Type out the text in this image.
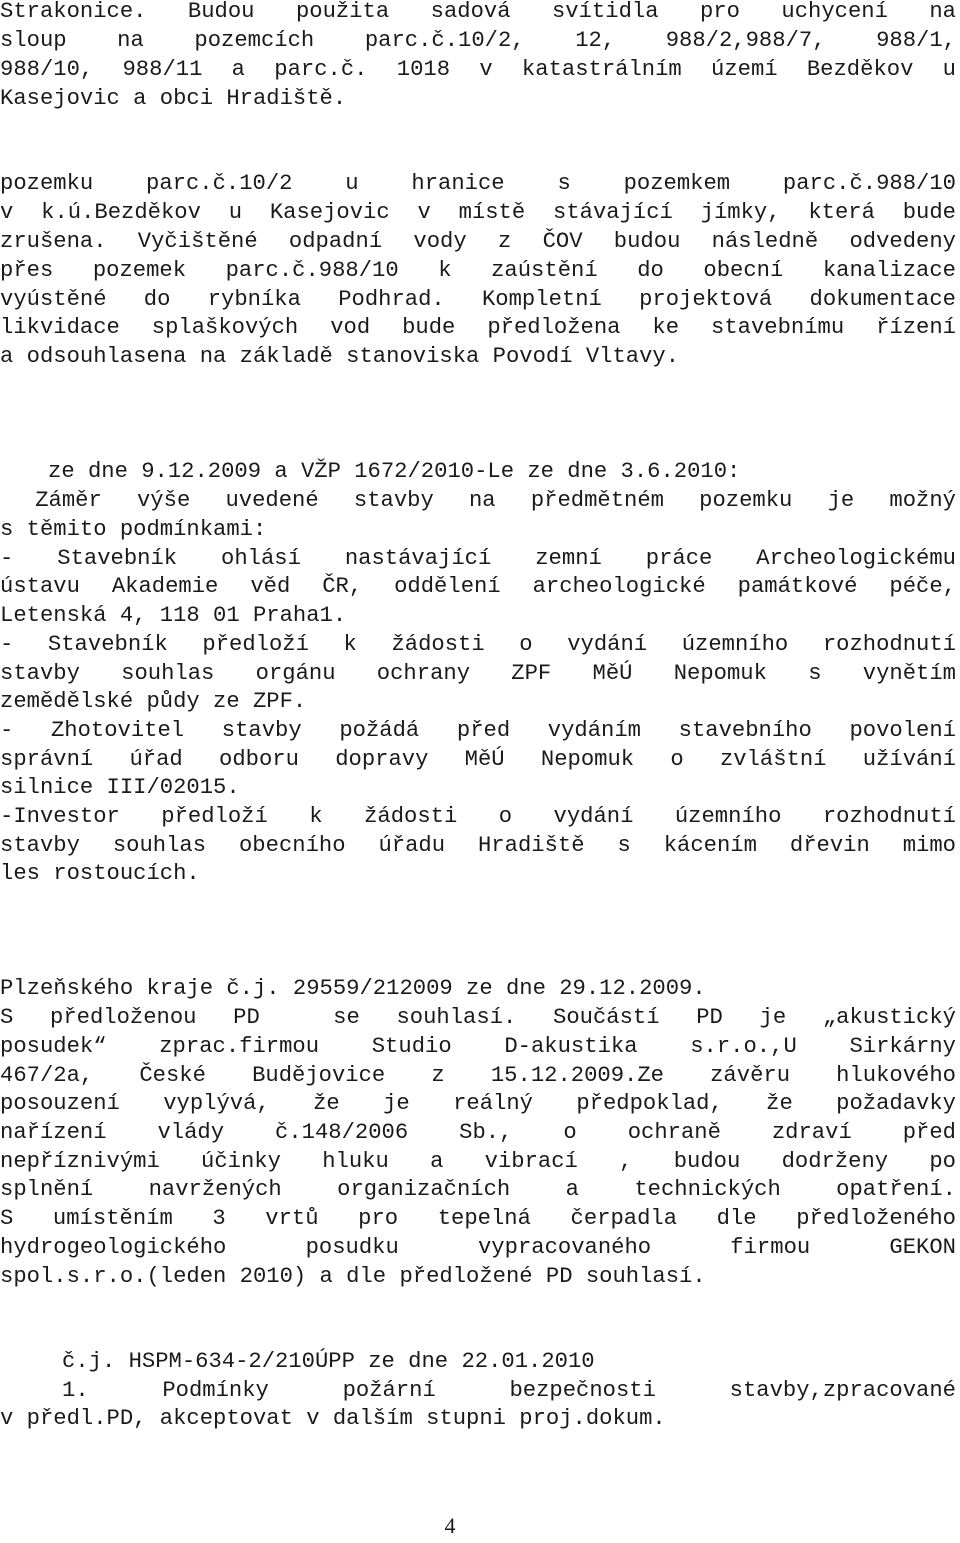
Strakonice. Budou použita sadová svítidla pro uchycení na
sloup na pozemcích parc.č.10/2, 12, 988/2,988/7, 988/1,
988/10, 988/11 a parc.č. 1018 v katastrálním území Bezděkov u
Kasejovic a obci Hradiště.

pozemku parc.č.10/2 u hranice s pozemkem parc.č.988/10
v k.ú.Bezděkov u Kasejovic v místě stávající jímky, která bude
zrušena. Vyčištěné odpadní vody z ČOV budou následně odvedeny
přes pozemek parc.č.988/10 k zaústění do obecní kanalizace
vyústěné do rybníka Podhrad. Kompletní projektová dokumentace
likvidace splaškových vod bude předložena ke stavebnímu řízení
a odsouhlasena na základě stanoviska Povodí Vltavy.

ze dne 9.12.2009 a VŽP 1672/2010-Le ze dne 3.6.2010:
Záměr výše uvedené stavby na předmětném pozemku je možný
s těmito podmínkami:
- Stavebník ohlásí nastávající zemní práce Archeologickému
ústavu Akademie věd ČR, oddělení archeologické památkové péče,
Letenská 4, 118 01 Praha1.
- Stavebník předloží k žádosti o vydání územního rozhodnutí
stavby souhlas orgánu ochrany ZPF MěÚ Nepomuk s vynětím
zemědělské půdy ze ZPF.
- Zhotovitel stavby požádá před vydáním stavebního povolení
správní úřad odboru dopravy MěÚ Nepomuk o zvláštní užívání
silnice III/02015.
-Investor předloží k žádosti o vydání územního rozhodnutí
stavby souhlas obecního úřadu Hradiště s kácením dřevin mimo
les rostoucích.

Plzeňského kraje č.j. 29559/212009 ze dne 29.12.2009.
S předloženou PD  se souhlasí. Součástí PD je „akustický
posudek“ zprac.firmou Studio D-akustika s.r.o.,U Sirkárny
467/2a, České Budějovice z 15.12.2009.Ze závěru hlukového
posouzení vyplývá, že je reálný předpoklad, že požadavky
nařízení vlády č.148/2006 Sb., o ochraně zdraví před
nepříznivými účinky hluku a vibrací , budou dodrženy po
splnění navržených organizačních a technických opatření.
S umístěním 3 vrtů pro tepelná čerpadla dle předloženého
hydrogeologického posudku vypracovaného firmou GEKON
spol.s.r.o.(leden 2010) a dle předložené PD souhlasí.

č.j. HSPM-634-2/210ÚPP ze dne 22.01.2010
1. Podmínky požární bezpečnosti stavby,zpracované
v předl.PD, akceptovat v dalším stupni proj.dokum.
4
